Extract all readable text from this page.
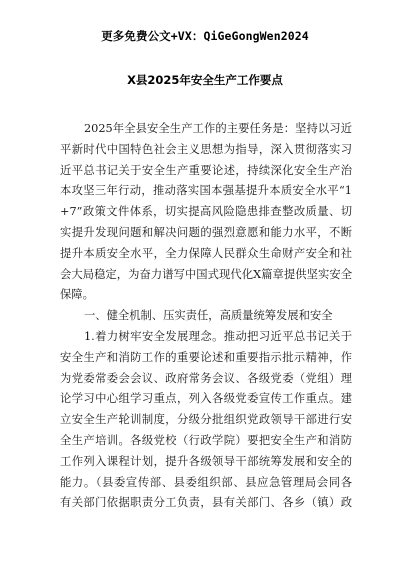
更多免费公文+VX：QiGeGongWen2024
X县2025年安全生产工作要点
2025年全县安全生产工作的主要任务是：坚持以习近
平新时代中国特色社会主义思想为指导，深入贯彻落实习
近平总书记关于安全生产重要论述，持续深化安全生产治
本攻坚三年行动，推动落实国本强基提升本质安全水平“1
+7”政策文件体系，切实提高风险隐患排查整改质量、切
实提升发现问题和解决问题的强烈意愿和能力水平，不断
提升本质安全水平，全力保障人民群众生命财产安全和社
会大局稳定，为奋力谱写中国式现代化X篇章提供坚实安全
保障。
一、健全机制、压实责任，高质量统筹发展和安全
1.着力树牢安全发展理念。推动把习近平总书记关于
安全生产和消防工作的重要论述和重要指示批示精神，作
为党委常委会会议、政府常务会议、各级党委（党组）理
论学习中心组学习重点，列入各级党委宣传工作重点。建
立安全生产轮训制度，分级分批组织党政领导干部进行安
全生产培训。各级党校（行政学院）要把安全生产和消防
工作列入课程计划，提升各级领导干部统筹发展和安全的
能力。（县委宣传部、县委组织部、县应急管理局会同各
有关部门依据职责分工负责，县有关部门、各乡（镇）政
